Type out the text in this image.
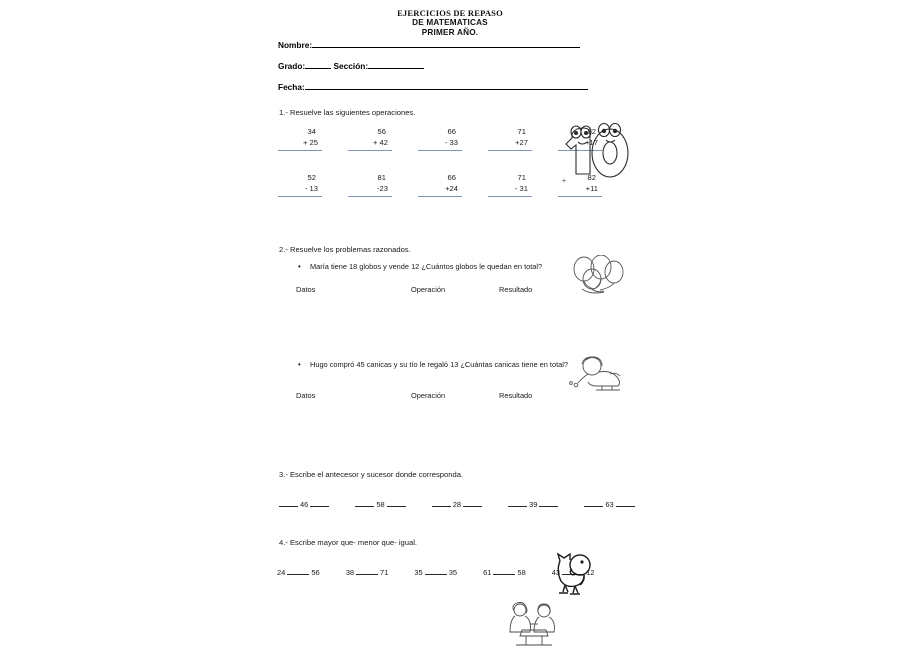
EJERCICIOS DE REPASO
DE MATEMATICAS
PRIMER AÑO.
Nombre:
Grado:	Sección:
Fecha:
1.- Resuelve las siguientes operaciones.
34
+ 25
56
+ 42
66
- 33
71
+27
82
+17
52
- 13
81
-23
66
+24
71
- 31
82
+11
+
2.- Resuelve los problemas razonados.
• María tiene 18 globos y vende 12 ¿Cuántos globos le quedan en total?
Datos	Operación	Resultado
• Hugo compró 45 canicas y su tío le regaló 13 ¿Cuántas canicas tiene en total?
Datos	Operación	Resultado
3.- Escribe el antecesor y sucesor donde corresponda.
46	58	28	39	63
4.- Escribe mayor que- menor que- igual.
24	56	38	71	35	35	61	58	43	12
